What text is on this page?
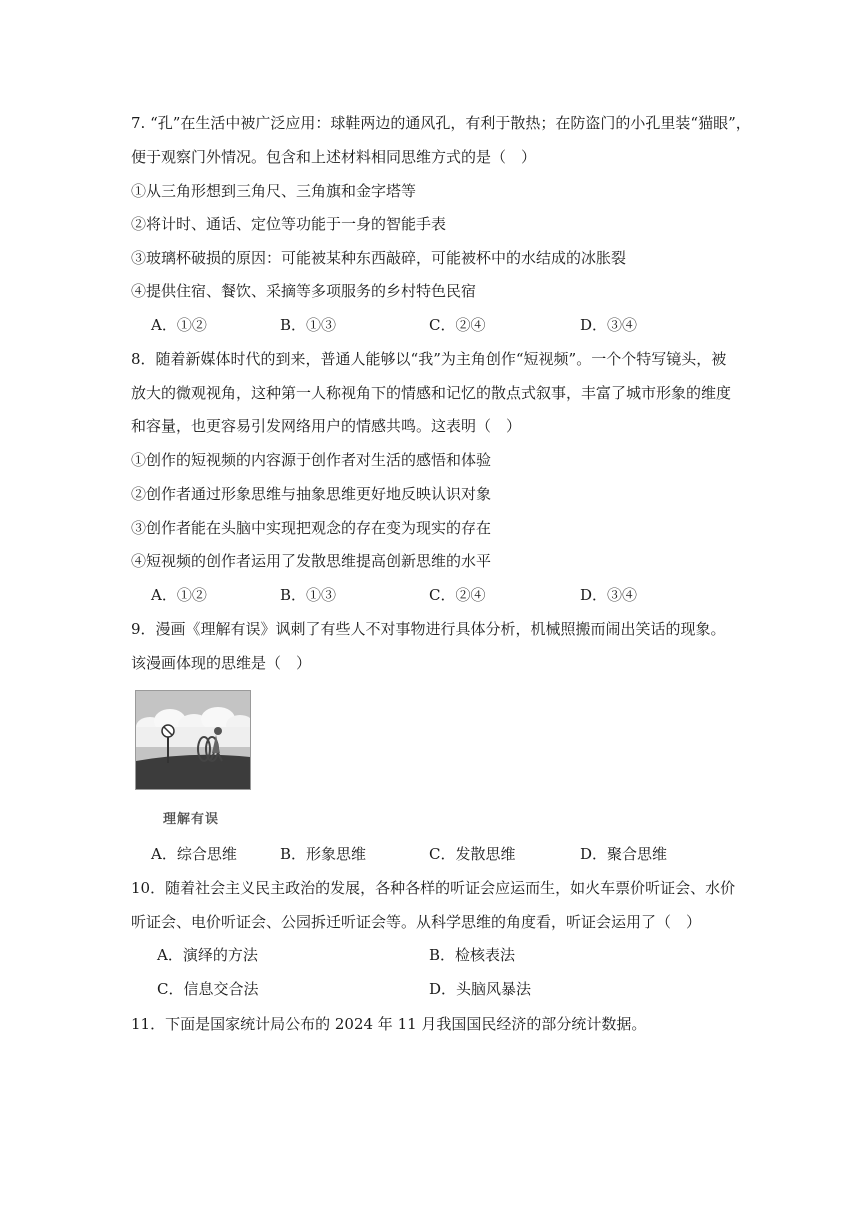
7. “孔”在生活中被广泛应用：球鞋两边的通风孔，有利于散热；在防盗门的小孔里装“猫眼”，
便于观察门外情况。包含和上述材料相同思维方式的是（　）
①从三角形想到三角尺、三角旗和金字塔等
②将计时、通话、定位等功能于一身的智能手表
③玻璃杯破损的原因：可能被某种东西敲碎，可能被杯中的水结成的冰胀裂
④提供住宿、餐饮、采摘等多项服务的乡村特色民宿
A．①②	B．①③	C．②④	D．③④
8．随着新媒体时代的到来，普通人能够以“我”为主角创作“短视频”。一个个特写镜头，被
放大的微观视角，这种第一人称视角下的情感和记忆的散点式叙事，丰富了城市形象的维度
和容量，也更容易引发网络用户的情感共鸣。这表明（　）
①创作的短视频的内容源于创作者对生活的感悟和体验
②创作者通过形象思维与抽象思维更好地反映认识对象
③创作者能在头脑中实现把观念的存在变为现实的存在
④短视频的创作者运用了发散思维提高创新思维的水平
A．①②	B．①③	C．②④	D．③④
9．漫画《理解有误》讽刺了有些人不对事物进行具体分析，机械照搬而闹出笑话的现象。
该漫画体现的思维是（　）
理解有误
A．综合思维	B．形象思维	C．发散思维	D．聚合思维
10．随着社会主义民主政治的发展，各种各样的听证会应运而生，如火车票价听证会、水价
听证会、电价听证会、公园拆迁听证会等。从科学思维的角度看，听证会运用了（　）
A．演绎的方法	B．检核表法
C．信息交合法	D．头脑风暴法
11．下面是国家统计局公布的 2024 年 11 月我国国民经济的部分统计数据。
